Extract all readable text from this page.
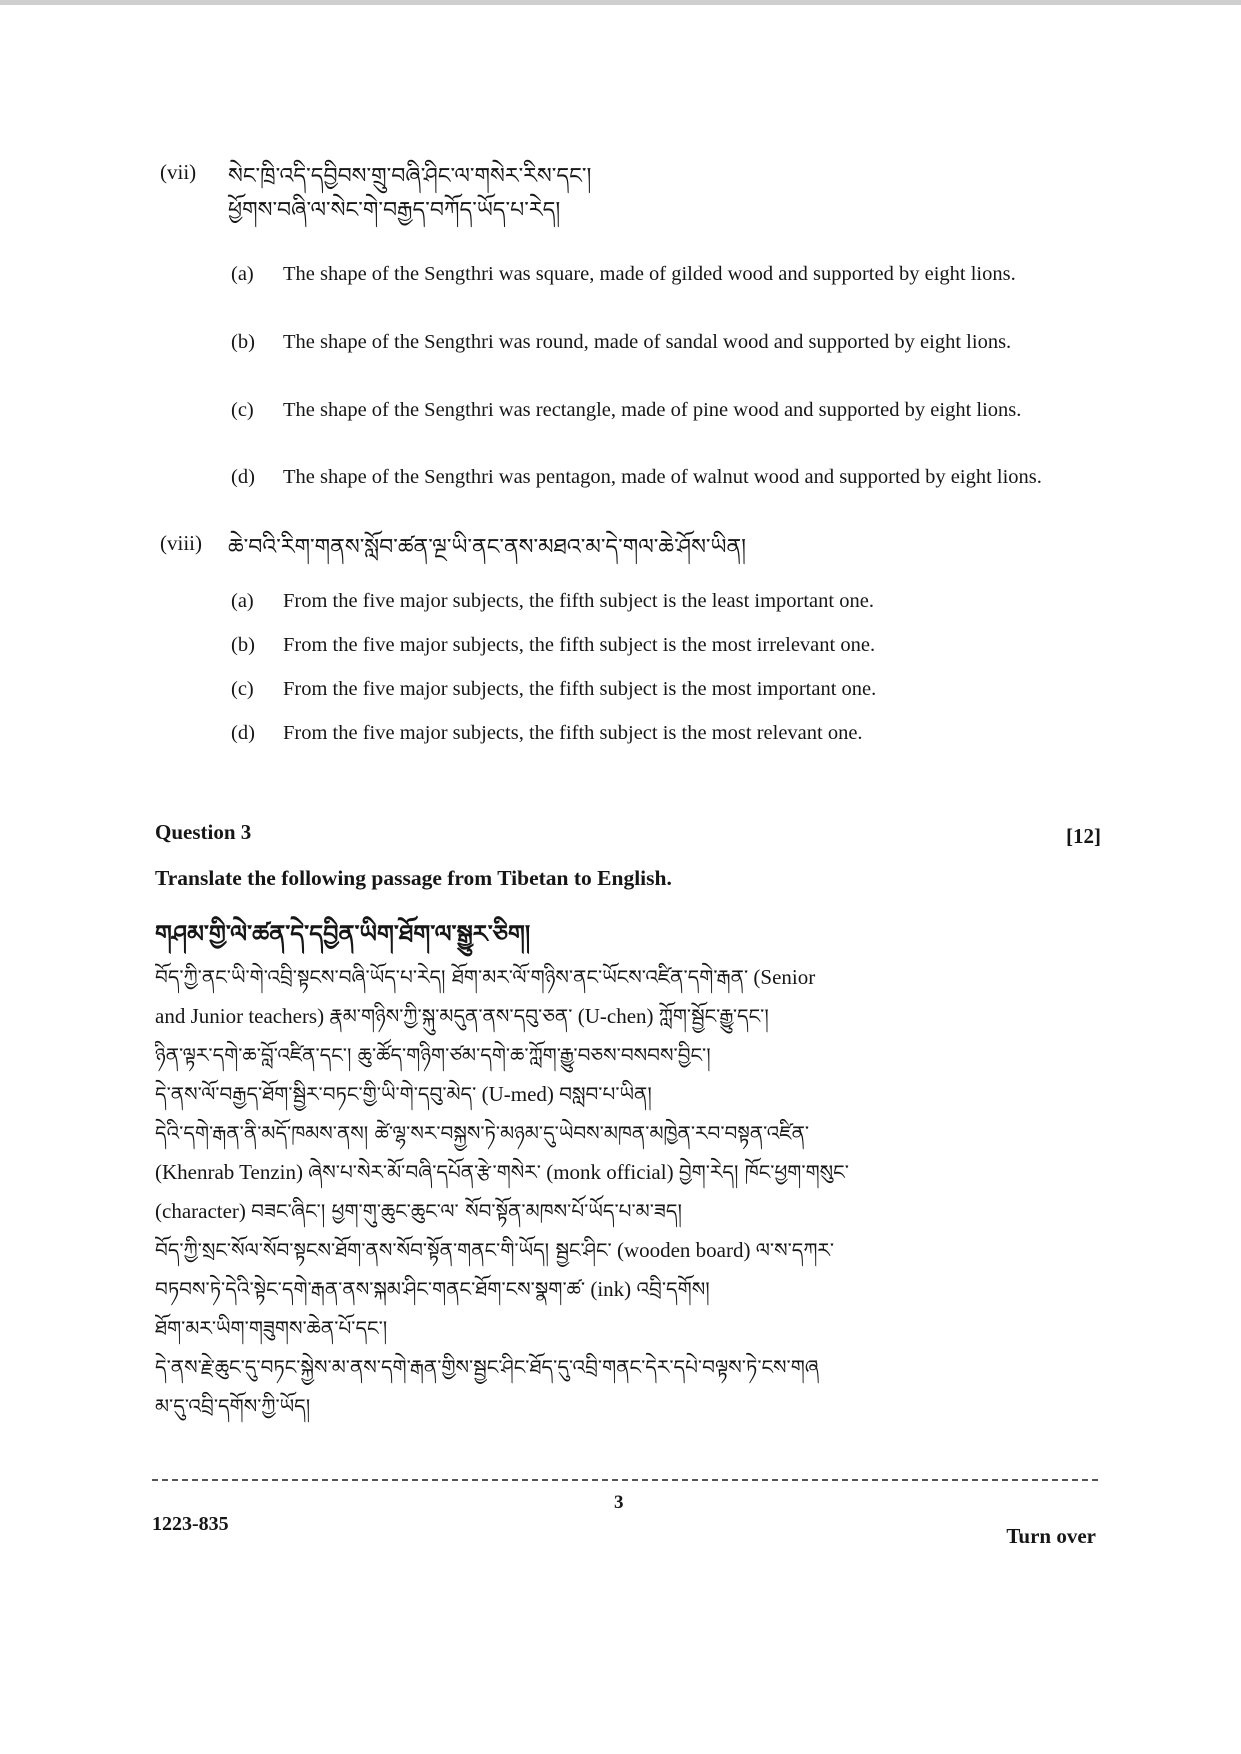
(vii) སེང་ཁྲི་འདི་དབྱིབས་གྲུ་བཞི་ཤིང་ལ་གསེར་རིས་དང་།
ཕྱོགས་བཞི་ལ་སེང་གེ་བརྒྱད་བཀོད་ཡོད་པ་རེད།
(a) The shape of the Sengthri was square, made of gilded wood and supported by eight lions.
(b) The shape of the Sengthri was round, made of sandal wood and supported by eight lions.
(c) The shape of the Sengthri was rectangle, made of pine wood and supported by eight lions.
(d) The shape of the Sengthri was pentagon, made of walnut wood and supported by eight lions.
(viii) ཆེ་བའི་རིག་གནས་སློབ་ཚན་ལྔ་ཡི་ནང་ནས་མཐའ་མ་དེ་གལ་ཆེ་ཤོས་ཡིན།
(a) From the five major subjects, the fifth subject is the least important one.
(b) From the five major subjects, the fifth subject is the most irrelevant one.
(c) From the five major subjects, the fifth subject is the most important one.
(d) From the five major subjects, the fifth subject is the most relevant one.
Question 3	[12]
Translate the following passage from Tibetan to English.
གཤམ་གྱི་ལེ་ཚན་དེ་དབྱིན་ཡིག་ཐོག་ལ་སྒྱུར་ཅིག།
བོད་ཀྱི་ནང་ཡི་གེ་འབྲི་སྟངས་བཞི་ཡོད་པ་རེད། ཐོག་མར་ལོ་གཉིས་ནང་ཡོངས་འཛིན་དགེ་རྒན་ (Senior
and Junior teachers) རྣམ་གཉིས་ཀྱི་སྐུ་མདུན་ནས་དབུ་ཅན་ (U-chen) ཀློག་སྦྱོང་རྒྱུ་དང་།
ཉིན་ལྟར་དགེ་ཆ་བློ་འཛིན་དང་། ཆུ་ཚོད་གཉིག་ཙམ་དགེ་ཆ་ཀློག་རྒྱུ་བཅས་བསབས་བྱིང་།
དེ་ནས་ལོ་བརྒྱད་ཐོག་སྦྱིར་བཏང་གྱི་ཡི་གེ་དབུ་མེད་ (U-med) བསླབ་པ་ཡིན།
དེའི་དགེ་རྒན་ནི་མདོ་ཁམས་ནས། ཚེ་ལྷ་སར་བསྐྱས་ཏེ་མཉམ་དུ་ཡེབས་མཁན་མཁྱེན་རབ་བསྟན་འཛིན་
(Khenrab Tenzin) ཞེས་པ་སེར་མོ་བཞི་དཔོན་རྩེ་གསེར་ (monk official) བྱེག་རེད། ཁོང་ཕྱག་གསུང་
(character) བཟང་ཞིང་། ཕྱག་གུ་ཆུང་ཆུང་ལ་ སོབ་སྟོན་མཁས་པོ་ཡོད་པ་མ་ཟད།
བོད་ཀྱི་སྲང་སོལ་སོབ་སྟངས་ཐོག་ནས་སོབ་སྟོན་གནང་གི་ཡོད། སྦྱང་ཤིང་ (wooden board) ལ་ས་དཀར་
བཏབས་ཏེ་དེའི་སྟེང་དགེ་རྒན་ནས་སྐམ་ཤིང་གནང་ཐོག་ངས་སྣག་ཚ་ (ink) འབྲི་དགོས།
ཐོག་མར་ཡིག་གཟུགས་ཆེན་པོ་དང་།
དེ་ནས་རྗེ་ཆུང་དུ་བཏང་སྐྱེས་མ་ནས་དགེ་རྒན་གྱིས་སྦྱང་ཤིང་ཐོད་དུ་འབྲི་གནང་དེར་དཔེ་བལྟས་ཏེ་ངས་གཞ
མ་དུ་འབྲི་དགོས་ཀྱི་ཡོད།
3
1223-835	Turn over
